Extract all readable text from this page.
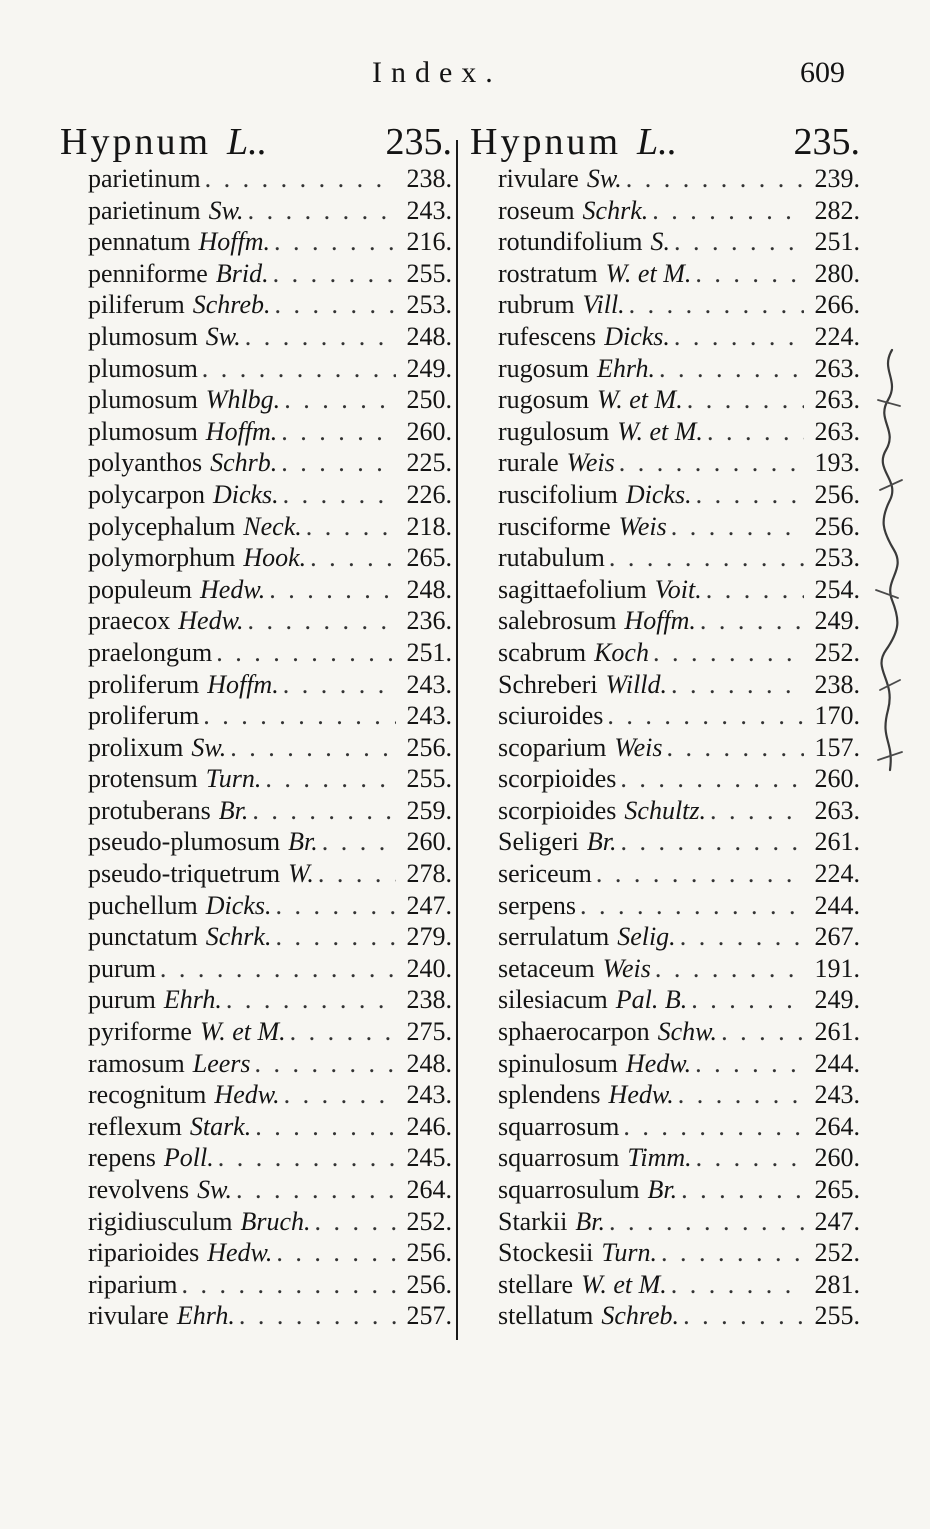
Index.	609
Hypnum L..	235.
parietinum . . .	238.
parietinum Sw. . . .	243.
pennatum Hoffm. . . .	216.
penniforme Brid. . . .	255.
piliferum Schreb. . . .	253.
plumosum Sw. . . .	248.
plumosum . . .	249.
plumosum Whlbg. . . .	250.
plumosum Hoffm. . . .	260.
polyanthos Schrb. . . .	225.
polycarpon Dicks. . . .	226.
polycephalum Neck. . . .	218.
polymorphum Hook. . . .	265.
populeum Hedw. . . .	248.
praecox Hedw. . . .	236.
praelongum . . .	251.
proliferum Hoffm. . . .	243.
proliferum . . .	243.
prolixum Sw. . . .	256.
protensum Turn. . . .	255.
protuberans Br. . . .	259.
pseudo-plumosum Br. . . .	260.
pseudo-triquetrum W. . . .	278.
puchellum Dicks. . . .	247.
punctatum Schrk. . . .	279.
purum . . .	240.
purum Ehrh. . . .	238.
pyriforme W. et M. . . .	275.
ramosum Leers . . .	248.
recognitum Hedw. . . .	243.
reflexum Stark. . . .	246.
repens Poll. . . .	245.
revolvens Sw. . . .	264.
rigidiusculum Bruch. . . .	252.
riparioides Hedw. . . .	256.
riparium . . .	256.
rivulare Ehrh. . . .	257.
Hypnum L..	235.
rivulare Sw. . . .	239.
roseum Schrk. . . .	282.
rotundifolium S. . . .	251.
rostratum W. et M. . . .	280.
rubrum Vill. . . .	266.
rufescens Dicks. . . .	224.
rugosum Ehrh. . . .	263.
rugosum W. et M. . . .	263.
rugulosum W. et M. . . .	263.
rurale Weis . . .	193.
ruscifolium Dicks. . . .	256.
rusciforme Weis . . .	256.
rutabulum . . .	253.
sagittaefolium Voit. . . .	254.
salebrosum Hoffm. . . .	249.
scabrum Koch . . .	252.
Schreberi Willd. . . .	238.
sciuroides . . .	170.
scoparium Weis . . .	157.
scorpioides . . .	260.
scorpioides Schultz. . . .	263.
Seligeri Br. . . .	261.
sericeum . . .	224.
serpens . . .	244.
serrulatum Selig. . . .	267.
setaceum Weis . . .	191.
silesiacum Pal. B. . . .	249.
sphaerocarpon Schw. . . .	261.
spinulosum Hedw. . . .	244.
splendens Hedw. . . .	243.
squarrosum . . .	264.
squarrosum Timm. . . .	260.
squarrosulum Br. . . .	265.
Starkii Br. . . .	247.
Stockesii Turn. . . .	252.
stellare W. et M. . . .	281.
stellatum Schreb. . . .	255.
